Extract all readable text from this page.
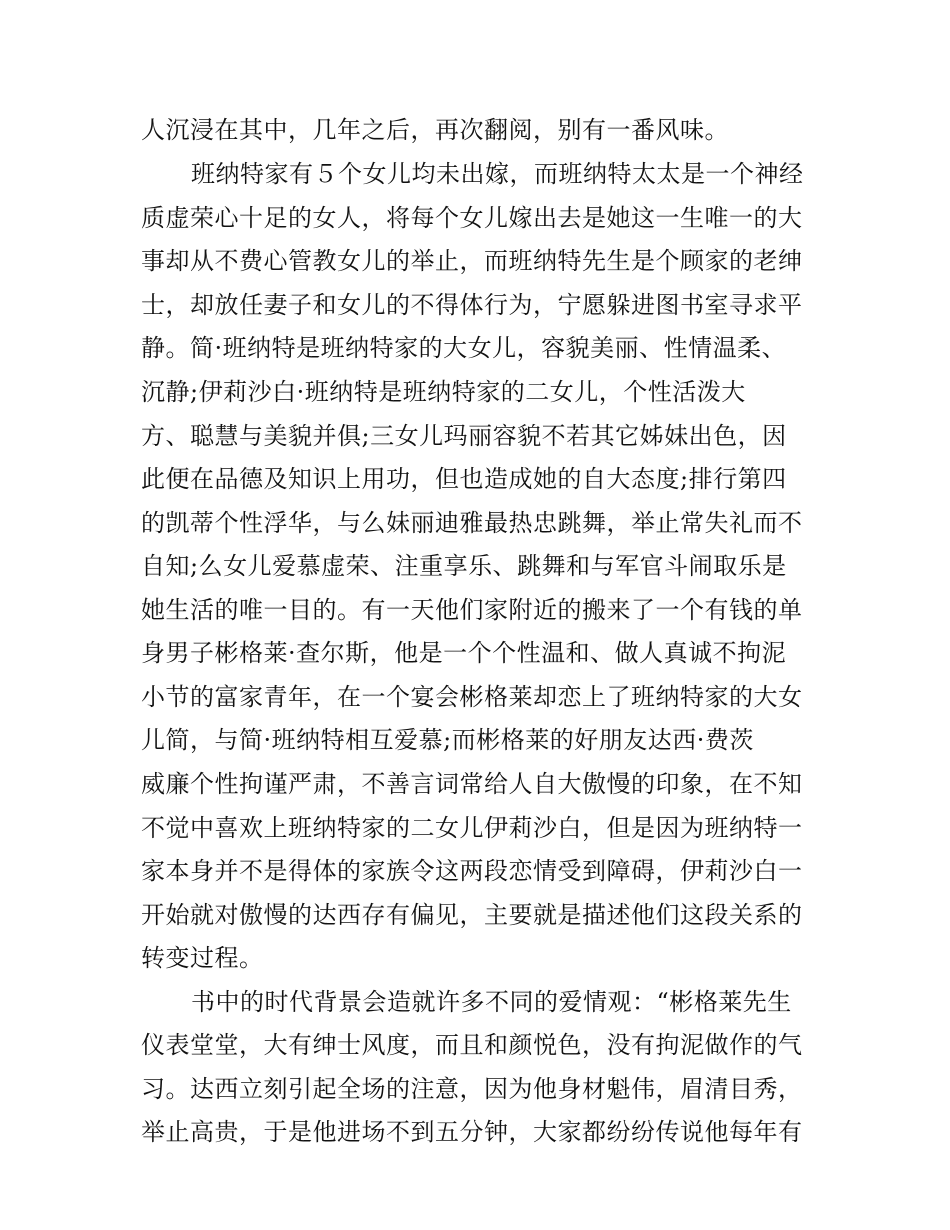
人沉浸在其中，几年之后，再次翻阅，别有一番风味。
班纳特家有５个女儿均未出嫁，而班纳特太太是一个神经
质虚荣心十足的女人，将每个女儿嫁出去是她这一生唯一的大
事却从不费心管教女儿的举止，而班纳特先生是个顾家的老绅
士，却放任妻子和女儿的不得体行为，宁愿躲进图书室寻求平
静。简·班纳特是班纳特家的大女儿，容貌美丽、性情温柔、
沉静;伊莉沙白·班纳特是班纳特家的二女儿，个性活泼大
方、聪慧与美貌并俱;三女儿玛丽容貌不若其它姊妹出色，因
此便在品德及知识上用功，但也造成她的自大态度;排行第四
的凯蒂个性浮华，与么妹丽迪雅最热忠跳舞，举止常失礼而不
自知;么女儿爱慕虚荣、注重享乐、跳舞和与军官斗闹取乐是
她生活的唯一目的。有一天他们家附近的搬来了一个有钱的单
身男子彬格莱·查尔斯，他是一个个性温和、做人真诚不拘泥
小节的富家青年，在一个宴会彬格莱却恋上了班纳特家的大女
儿简，与简·班纳特相互爱慕;而彬格莱的好朋友达西·费茨
威廉个性拘谨严肃，不善言词常给人自大傲慢的印象，在不知
不觉中喜欢上班纳特家的二女儿伊莉沙白，但是因为班纳特一
家本身并不是得体的家族令这两段恋情受到障碍，伊莉沙白一
开始就对傲慢的达西存有偏见，主要就是描述他们这段关系的
转变过程。
书中的时代背景会造就许多不同的爱情观：“彬格莱先生
仪表堂堂，大有绅士风度，而且和颜悦色，没有拘泥做作的气
习。达西立刻引起全场的注意，因为他身材魁伟，眉清目秀，
举止高贵，于是他进场不到五分钟，大家都纷纷传说他每年有
